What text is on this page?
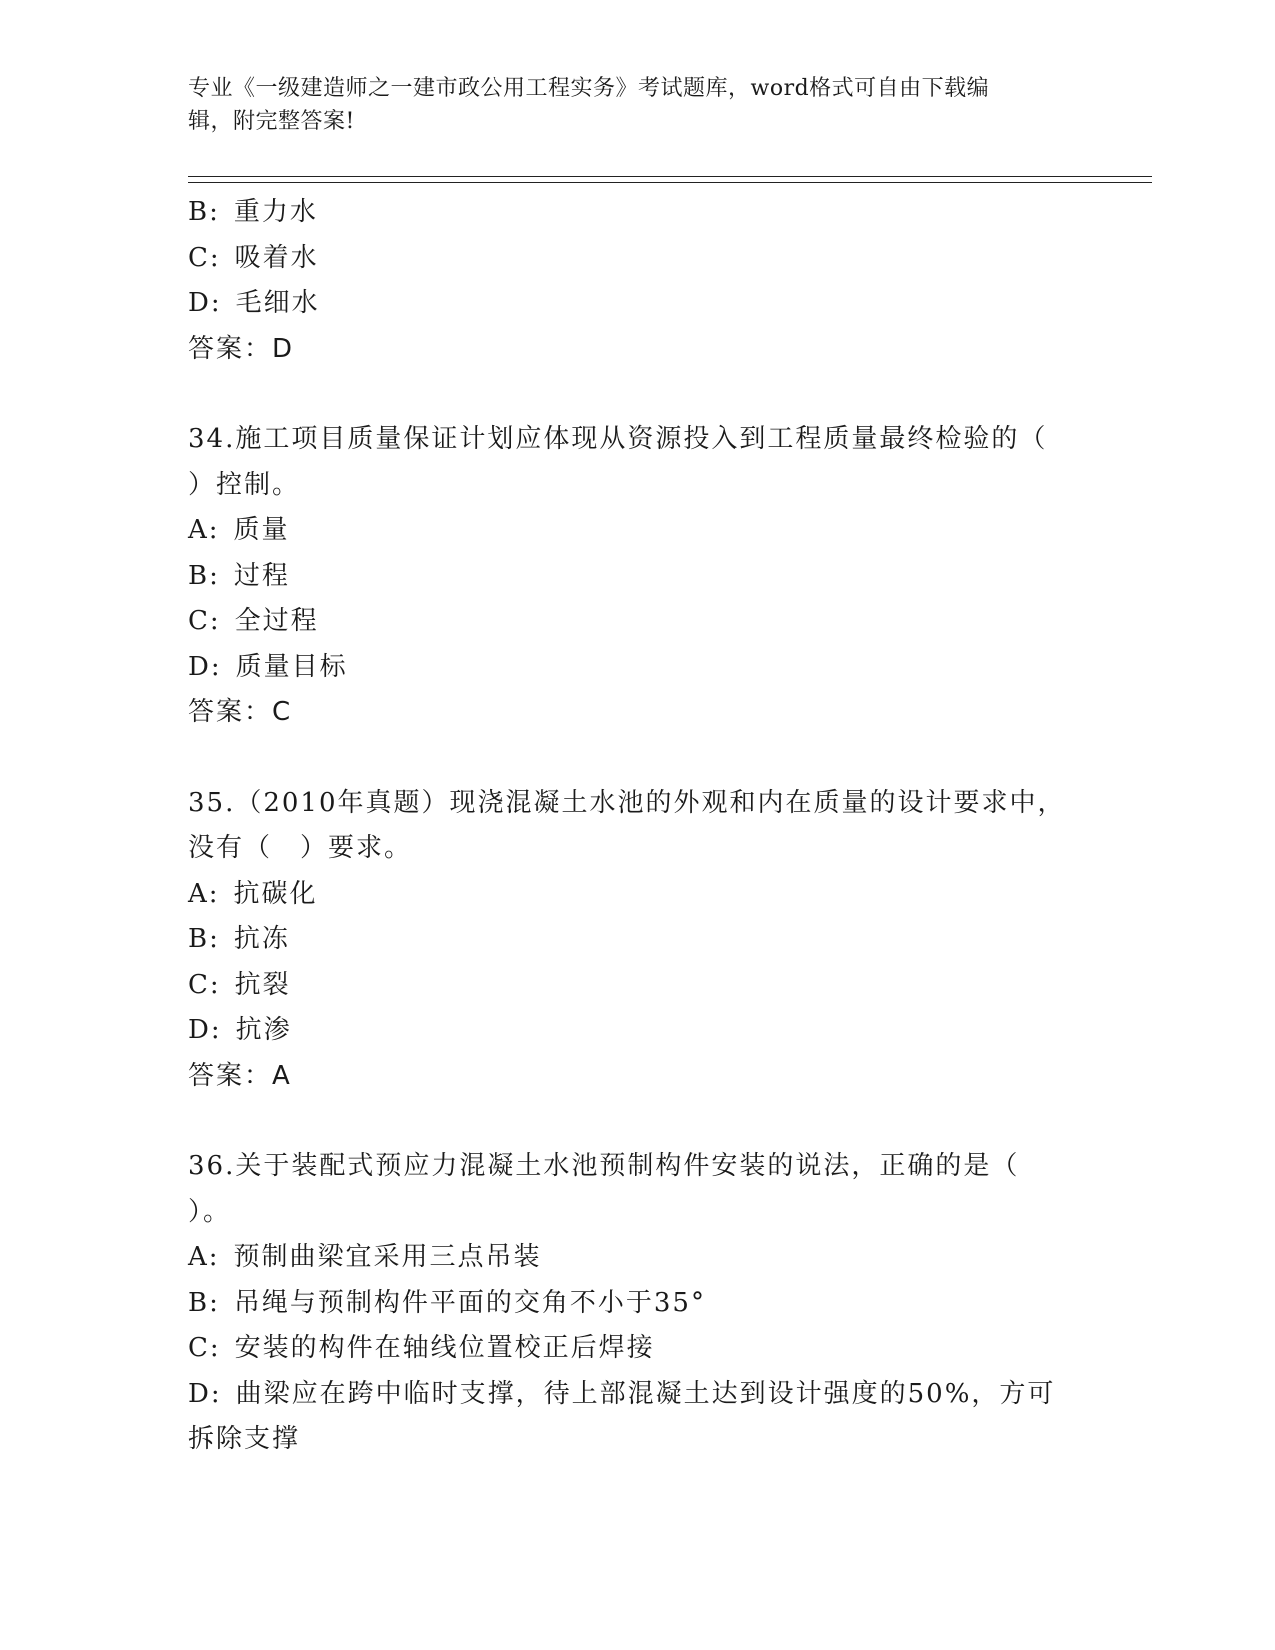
专业《一级建造师之一建市政公用工程实务》考试题库，word格式可自由下载编
辑，附完整答案!
B: 重力水
C: 吸着水
D: 毛细水
答案：D
34.施工项目质量保证计划应体现从资源投入到工程质量最终检验的（
）控制。
A: 质量
B: 过程
C: 全过程
D: 质量目标
答案：C
35.（2010年真题）现浇混凝土水池的外观和内在质量的设计要求中，
没有（　）要求。
A: 抗碳化
B: 抗冻
C: 抗裂
D: 抗渗
答案：A
36.关于装配式预应力混凝土水池预制构件安装的说法，正确的是（
）。
A: 预制曲梁宜采用三点吊装
B: 吊绳与预制构件平面的交角不小于35°
C: 安装的构件在轴线位置校正后焊接
D: 曲梁应在跨中临时支撑，待上部混凝土达到设计强度的50%，方可
拆除支撑
